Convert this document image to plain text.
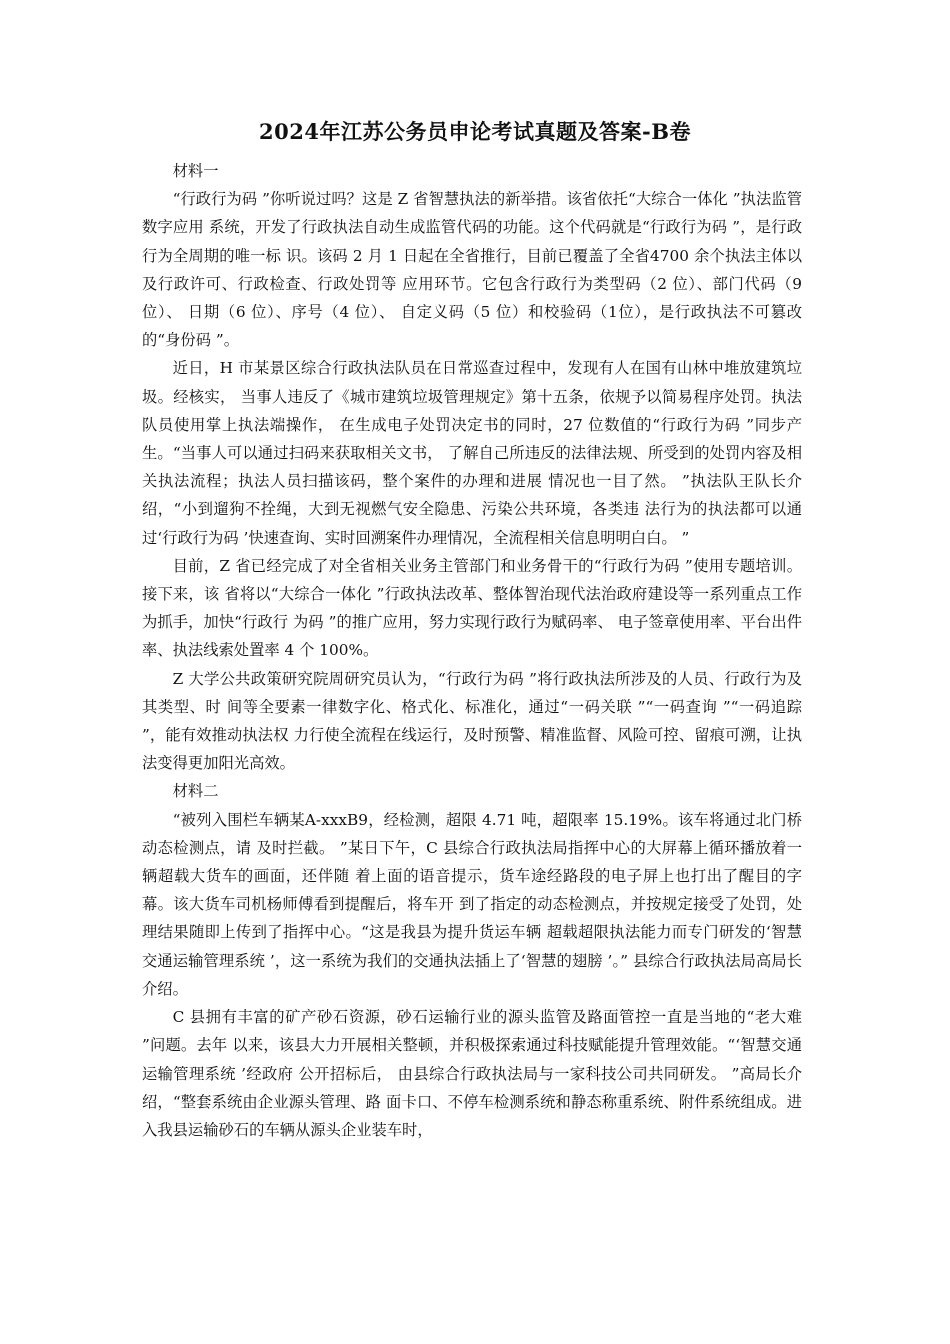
2024年江苏公务员申论考试真题及答案-B卷

材料一

“行政行为码 ”你听说过吗？这是 Z 省智慧执法的新举措。该省依托“大综合一体化 ”执法监管数字应用 系统，开发了行政执法自动生成监管代码的功能。这个代码就是“行政行为码 ”，是行政行为全周期的唯一标 识。该码 2 月 1 日起在全省推行，目前已覆盖了全省4700 余个执法主体以及行政许可、行政检查、行政处罚等 应用环节。它包含行政行为类型码（2 位）、部门代码（9 位）、 日期（6 位）、序号（4 位）、 自定义码（5 位）和校验码（1位），是行政执法不可篡改的“身份码 ”。

近日，H 市某景区综合行政执法队员在日常巡查过程中，发现有人在国有山林中堆放建筑垃圾。经核实， 当事人违反了《城市建筑垃圾管理规定》第十五条，依规予以简易程序处罚。执法队员使用掌上执法端操作， 在生成电子处罚决定书的同时，27 位数值的“行政行为码 ”同步产生。“当事人可以通过扫码来获取相关文书， 了解自己所违反的法律法规、所受到的处罚内容及相关执法流程；执法人员扫描该码，整个案件的办理和进展 情况也一目了然。 ”执法队王队长介绍，“小到遛狗不拴绳，大到无视燃气安全隐患、污染公共环境，各类违 法行为的执法都可以通过‘行政行为码 ’快速查询、实时回溯案件办理情况，全流程相关信息明明白白。 ”

目前，Z 省已经完成了对全省相关业务主管部门和业务骨干的“行政行为码 ”使用专题培训。接下来，该 省将以“大综合一体化 ”行政执法改革、整体智治现代法治政府建设等一系列重点工作为抓手，加快“行政行 为码 ”的推广应用，努力实现行政行为赋码率、 电子签章使用率、平台出件率、执法线索处置率 4 个 100%。

Z 大学公共政策研究院周研究员认为，“行政行为码 ”将行政执法所涉及的人员、行政行为及其类型、时 间等全要素一律数字化、格式化、标准化，通过“一码关联 ”“一码查询 ”“一码追踪 ”，能有效推动执法权 力行使全流程在线运行，及时预警、精准监督、风险可控、留痕可溯，让执法变得更加阳光高效。

材料二

“被列入围栏车辆某A-xxxB9，经检测，超限 4.71 吨，超限率 15.19%。该车将通过北门桥动态检测点，请 及时拦截。 ”某日下午，C 县综合行政执法局指挥中心的大屏幕上循环播放着一辆超载大货车的画面，还伴随 着上面的语音提示，货车途经路段的电子屏上也打出了醒目的字幕。该大货车司机杨师傅看到提醒后，将车开 到了指定的动态检测点，并按规定接受了处罚，处理结果随即上传到了指挥中心。“这是我县为提升货运车辆 超载超限执法能力而专门研发的‘智慧交通运输管理系统 ’，这一系统为我们的交通执法插上了‘智慧的翅膀 ’。” 县综合行政执法局高局长介绍。

C 县拥有丰富的矿产砂石资源，砂石运输行业的源头监管及路面管控一直是当地的“老大难 ”问题。去年 以来，该县大力开展相关整顿，并积极探索通过科技赋能提升管理效能。“‘智慧交通运输管理系统 ’经政府 公开招标后， 由县综合行政执法局与一家科技公司共同研发。 ”高局长介绍，“整套系统由企业源头管理、路 面卡口、不停车检测系统和静态称重系统、附件系统组成。进入我县运输砂石的车辆从源头企业装车时，
